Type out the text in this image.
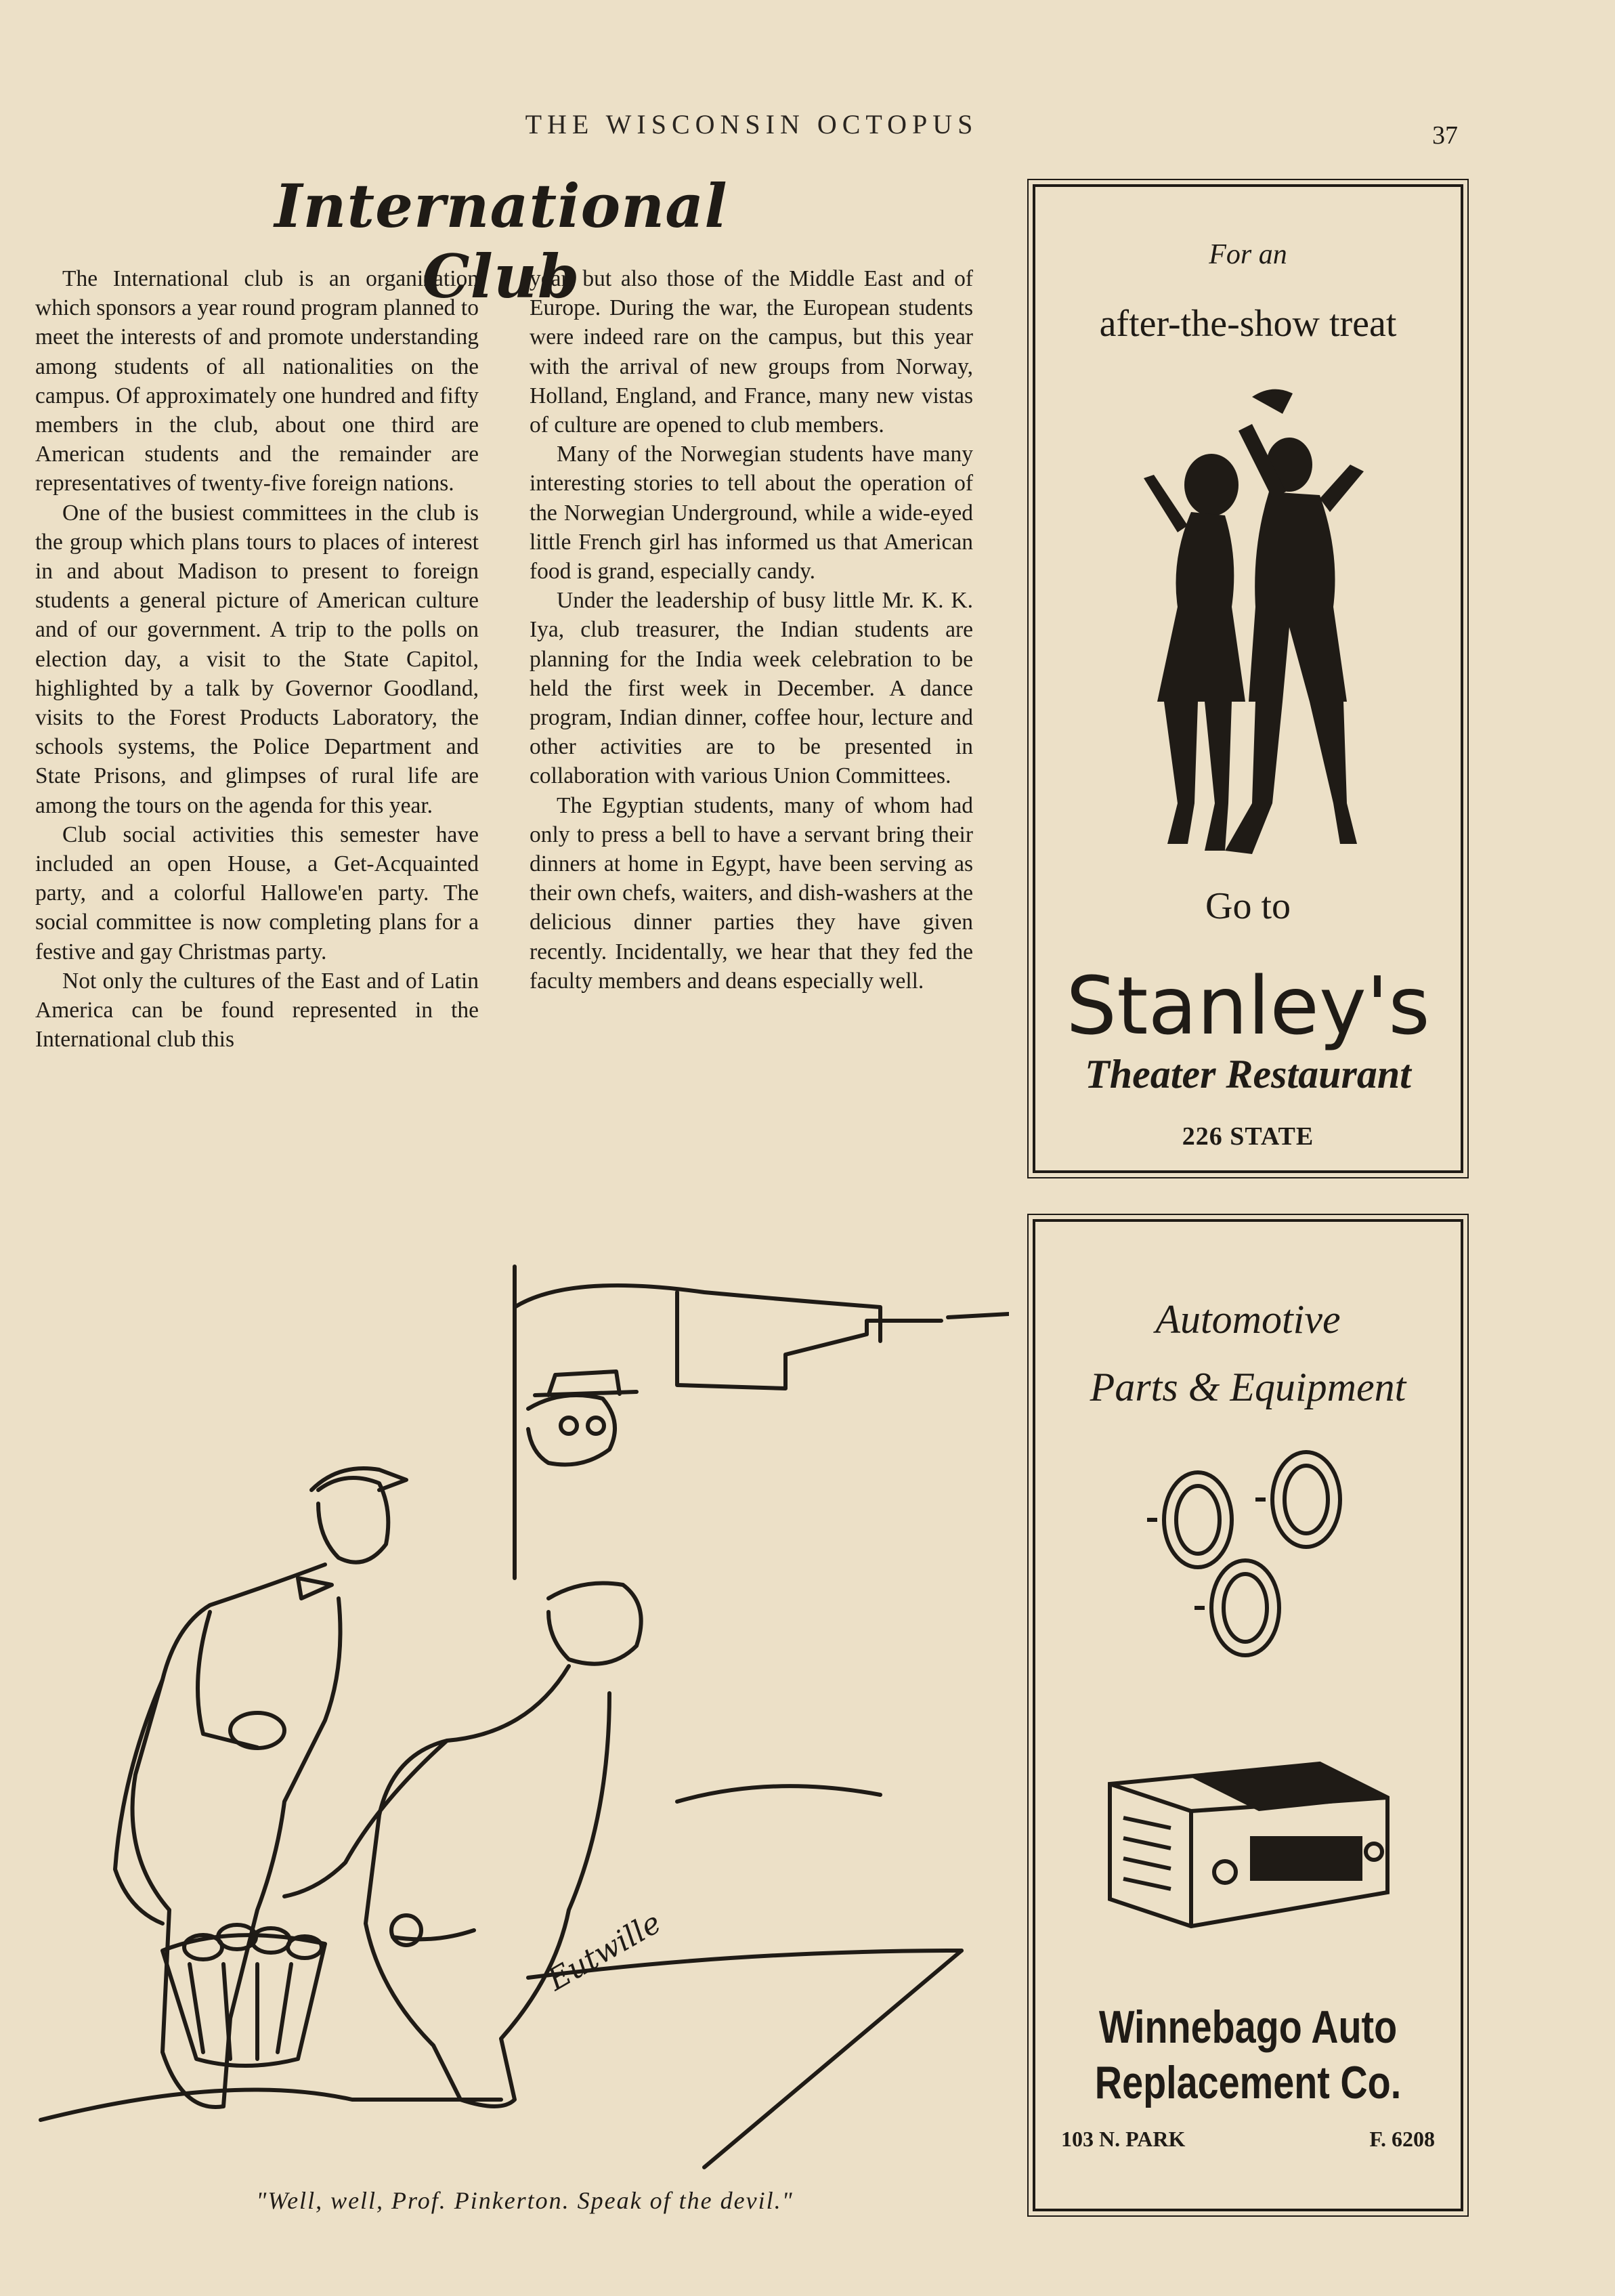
THE WISCONSIN OCTOPUS	37
International Club

The International club is an organization which sponsors a year round program planned to meet the interests of and promote understanding among students of all nationalities on the campus. Of approximately one hundred and fifty members in the club, about one third are American students and the remainder are representatives of twenty-five foreign nations.

One of the busiest committees in the club is the group which plans tours to places of interest in and about Madison to present to foreign students a general picture of American culture and of our government. A trip to the polls on election day, a visit to the State Capitol, highlighted by a talk by Governor Goodland, visits to the Forest Products Laboratory, the schools systems, the Police Department and State Prisons, and glimpses of rural life are among the tours on the agenda for this year.

Club social activities this semester have included an open House, a Get-Acquainted party, and a colorful Hallowe'en party. The social committee is now completing plans for a festive and gay Christmas party.

Not only the cultures of the East and of Latin America can be found represented in the International club this

year, but also those of the Middle East and of Europe. During the war, the European students were indeed rare on the campus, but this year with the arrival of new groups from Norway, Holland, England, and France, many new vistas of culture are opened to club members.

Many of the Norwegian students have many interesting stories to tell about the operation of the Norwegian Underground, while a wide-eyed little French girl has informed us that American food is grand, especially candy.

Under the leadership of busy little Mr. K. K. Iya, club treasurer, the Indian students are planning for the India week celebration to be held the first week in December. A dance program, Indian dinner, coffee hour, lecture and other activities are to be presented in collaboration with various Union Committees.

The Egyptian students, many of whom had only to press a bell to have a servant bring their dinners at home in Egypt, have been serving as their own chefs, waiters, and dish-washers at the delicious dinner parties they have given recently. Incidentally, we hear that they fed the faculty members and deans especially well.

Eutwille
"Well, well, Prof. Pinkerton. Speak of the devil."
For an
after-the-show treat
Go to
Stanley's
Theater Restaurant
226 STATE
Automotive
Parts & Equipment
Winnebago Auto
Replacement Co.
103 N. PARK	F. 6208
